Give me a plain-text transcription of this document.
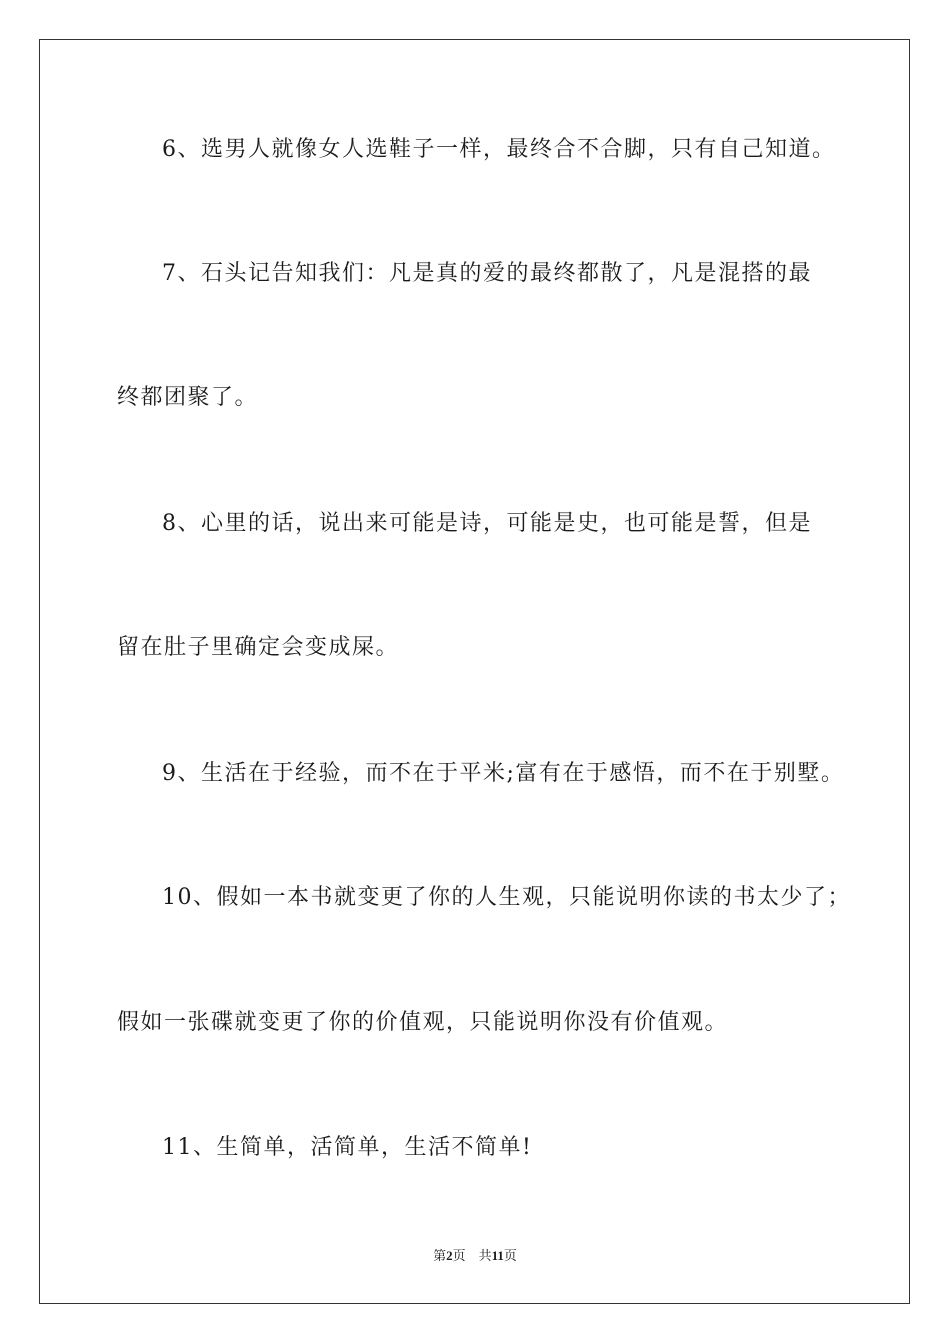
6、选男人就像女人选鞋子一样，最终合不合脚，只有自己知道。
7、石头记告知我们：凡是真的爱的最终都散了，凡是混搭的最
终都团聚了。
8、心里的话，说出来可能是诗，可能是史，也可能是誓，但是
留在肚子里确定会变成屎。
9、生活在于经验，而不在于平米;富有在于感悟，而不在于别墅。
10、假如一本书就变更了你的人生观，只能说明你读的书太少了；
假如一张碟就变更了你的价值观，只能说明你没有价值观。
11、生简单，活简单，生活不简单!
第2页 共11页
